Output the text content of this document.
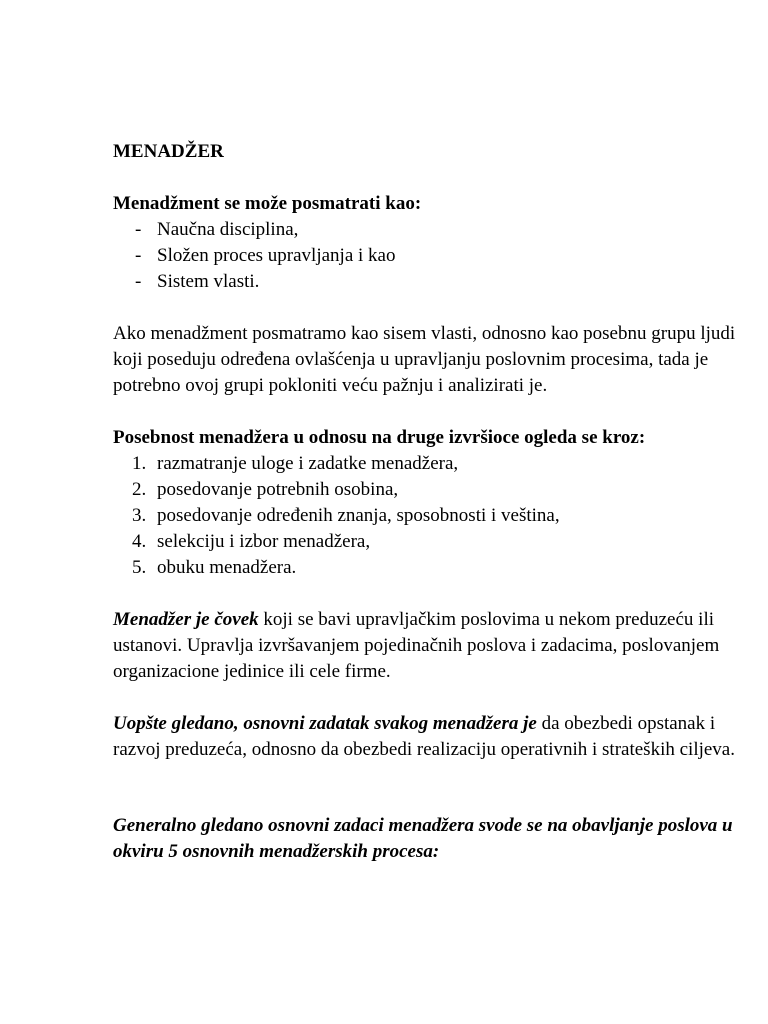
MENADŽER

Menadžment se može posmatrati kao:

- Naučna disciplina,
- Složen proces upravljanja i kao
- Sistem vlasti.

Ako menadžment posmatramo kao sisem vlasti, odnosno kao posebnu grupu ljudi koji poseduju određena ovlašćenja u upravljanju poslovnim procesima, tada je potrebno ovoj grupi pokloniti veću pažnju i analizirati je.

Posebnost menadžera u odnosu na druge izvršioce ogleda se kroz:

1. razmatranje uloge i zadatke menadžera,
2. posedovanje potrebnih osobina,
3. posedovanje određenih znanja, sposobnosti i veština,
4. selekciju i izbor menadžera,
5. obuku menadžera.

Menadžer je čovek koji se bavi upravljačkim poslovima u nekom preduzeću ili ustanovi. Upravlja izvršavanjem pojedinačnih poslova i zadacima, poslovanjem organizacione jedinice ili cele firme.

Uopšte gledano, osnovni zadatak svakog menadžera je da obezbedi opstanak i razvoj preduzeća, odnosno da obezbedi realizaciju operativnih i strateških ciljeva.

Generalno gledano osnovni zadaci menadžera svode se na obavljanje poslova u okviru 5 osnovnih menadžerskih procesa:
